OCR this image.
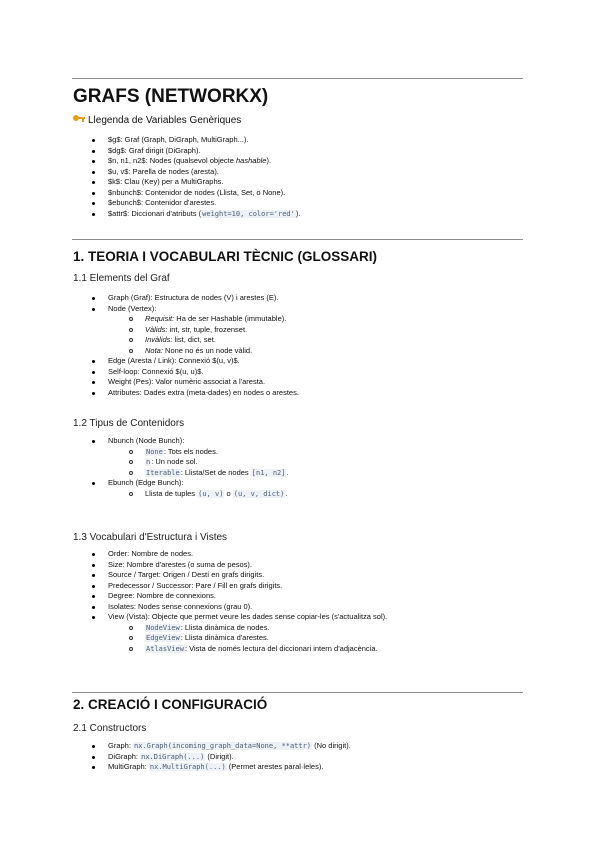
GRAFS (NETWORKX)
Llegenda de Variables Genèriques
$g$: Graf (Graph, DiGraph, MultiGraph...).
$dg$: Graf dirigit (DiGraph).
$n, n1, n2$: Nodes (qualsevol objecte hashable).
$u, v$: Parella de nodes (aresta).
$k$: Clau (Key) per a MultiGraphs.
$nbunch$: Contenidor de nodes (Llista, Set, o None).
$ebunch$: Contenidor d'arestes.
$attr$: Diccionari d'atributs (weight=10, color='red').
1. TEORIA I VOCABULARI TÈCNIC (GLOSSARI)
1.1 Elements del Graf
Graph (Graf): Estructura de nodes (V) i arestes (E).
Node (Vertex):
Requisit: Ha de ser Hashable (immutable).
Vàlids: int, str, tuple, frozenset.
Invàlids: list, dict, set.
Nota: None no és un node vàlid.
Edge (Aresta / Link): Connexió $(u, v)$.
Self-loop: Connexió $(u, u)$.
Weight (Pes): Valor numèric associat a l'aresta.
Attributes: Dades extra (meta-dades) en nodes o arestes.
1.2 Tipus de Contenidors
Nbunch (Node Bunch):
None: Tots els nodes.
n: Un node sol.
Iterable: Llista/Set de nodes [n1, n2].
Ebunch (Edge Bunch):
Llista de tuples (u, v) o (u, v, dict).
1.3 Vocabulari d'Estructura i Vistes
Order: Nombre de nodes.
Size: Nombre d'arestes (o suma de pesos).
Source / Target: Origen / Destí en grafs dirigits.
Predecessor / Successor: Pare / Fill en grafs dirigits.
Degree: Nombre de connexions.
Isolates: Nodes sense connexions (grau 0).
View (Vista): Objecte que permet veure les dades sense copiar-les (s'actualitza sol).
NodeView: Llista dinàmica de nodes.
EdgeView: Llista dinàmica d'arestes.
AtlasView: Vista de només lectura del diccionari intern d'adjacència.
2. CREACIÓ I CONFIGURACIÓ
2.1 Constructors
Graph: nx.Graph(incoming_graph_data=None, **attr) (No dirigit).
DiGraph: nx.DiGraph(...) (Dirigit).
MultiGraph: nx.MultiGraph(...) (Permet arestes paral·leles).
